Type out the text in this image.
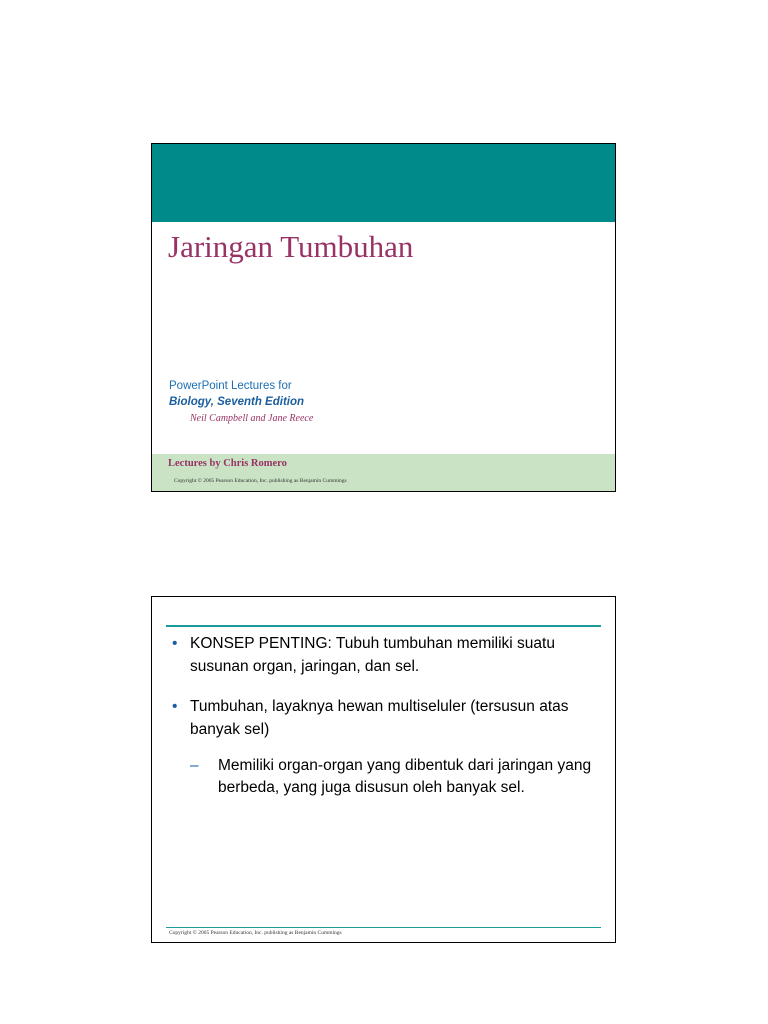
Jaringan Tumbuhan
PowerPoint Lectures for
Biology, Seventh Edition
Neil Campbell and Jane Reece
Lectures by Chris Romero
Copyright © 2005 Pearson Education, Inc. publishing as Benjamin Cummings
• KONSEP PENTING: Tubuh tumbuhan memiliki suatu susunan organ, jaringan, dan sel.
• Tumbuhan, layaknya hewan multiseluler (tersusun atas banyak sel)
– Memiliki organ-organ yang dibentuk dari jaringan yang berbeda, yang juga disusun oleh banyak sel.
Copyright © 2005 Pearson Education, Inc. publishing as Benjamin Cummings
